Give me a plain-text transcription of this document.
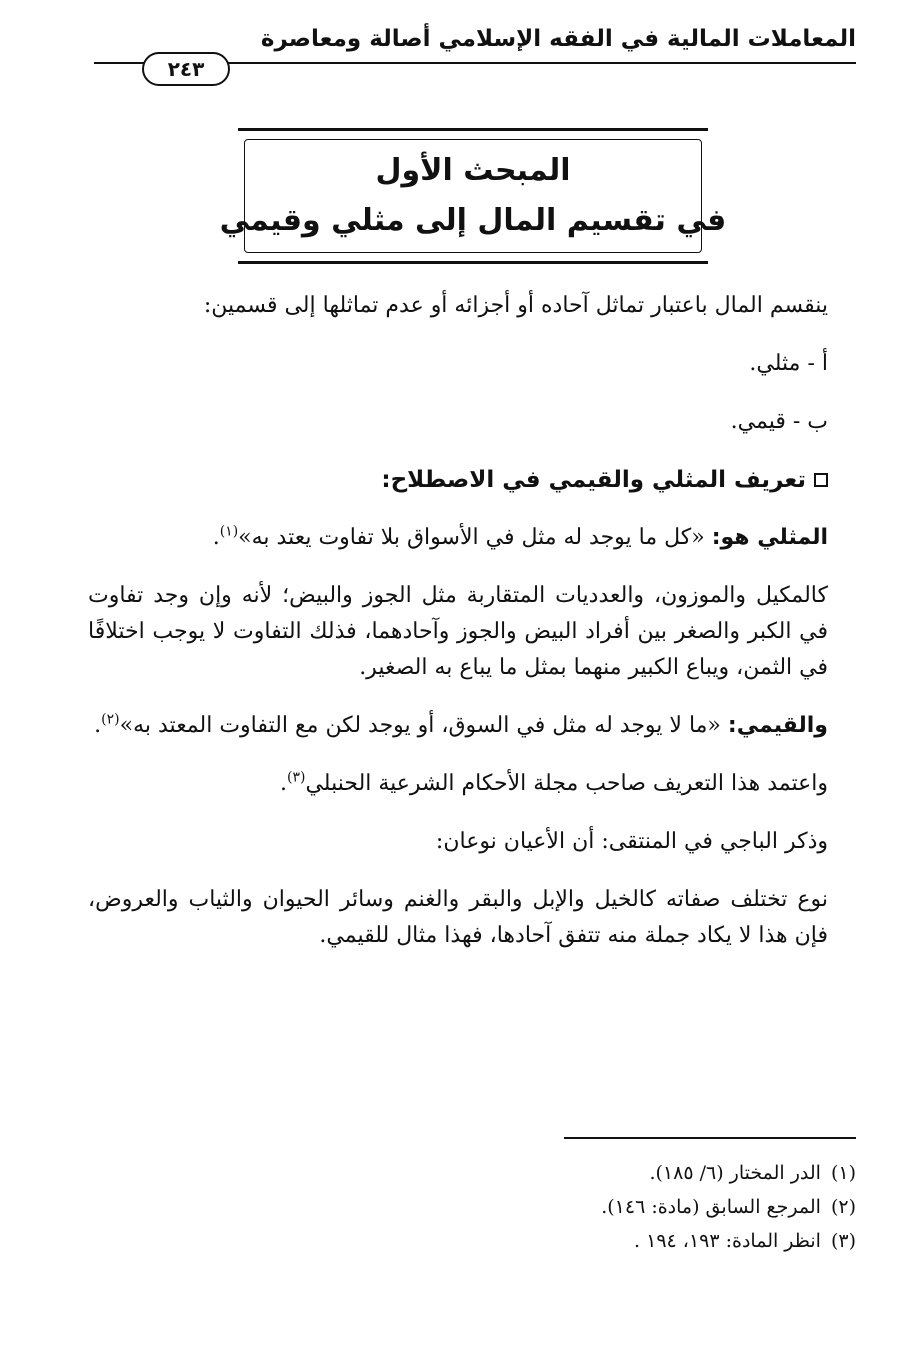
المعاملات المالية في الفقه الإسلامي أصالة ومعاصرة
٢٤٣
المبحث الأول
في تقسيم المال إلى مثلي وقيمي

ينقسم المال باعتبار تماثل آحاده أو أجزائه أو عدم تماثلها إلى قسمين:

أ - مثلي.

ب - قيمي.

تعريف المثلي والقيمي في الاصطلاح:

المثلي هو: «كل ما يوجد له مثل في الأسواق بلا تفاوت يعتد به»$^{(١)}$.

كالمكيل والموزون، والعدديات المتقاربة مثل الجوز والبيض؛ لأنه وإن وجد تفاوت في الكبر والصغر بين أفراد البيض والجوز وآحادهما، فذلك التفاوت لا يوجب اختلافًا في الثمن، ويباع الكبير منهما بمثل ما يباع به الصغير.

والقيمي: «ما لا يوجد له مثل في السوق، أو يوجد لكن مع التفاوت المعتد به»$^{(٢)}$.

واعتمد هذا التعريف صاحب مجلة الأحكام الشرعية الحنبلي$^{(٣)}$.

وذكر الباجي في المنتقى: أن الأعيان نوعان:

نوع تختلف صفاته كالخيل والإبل والبقر والغنم وسائر الحيوان والثياب والعروض، فإن هذا لا يكاد جملة منه تتفق آحادها، فهذا مثال للقيمي.

(١)الدر المختار (٦/ ١٨٥).
(٢)المرجع السابق (مادة: ١٤٦).
(٣)انظر المادة: ١٩٣، ١٩٤ .
